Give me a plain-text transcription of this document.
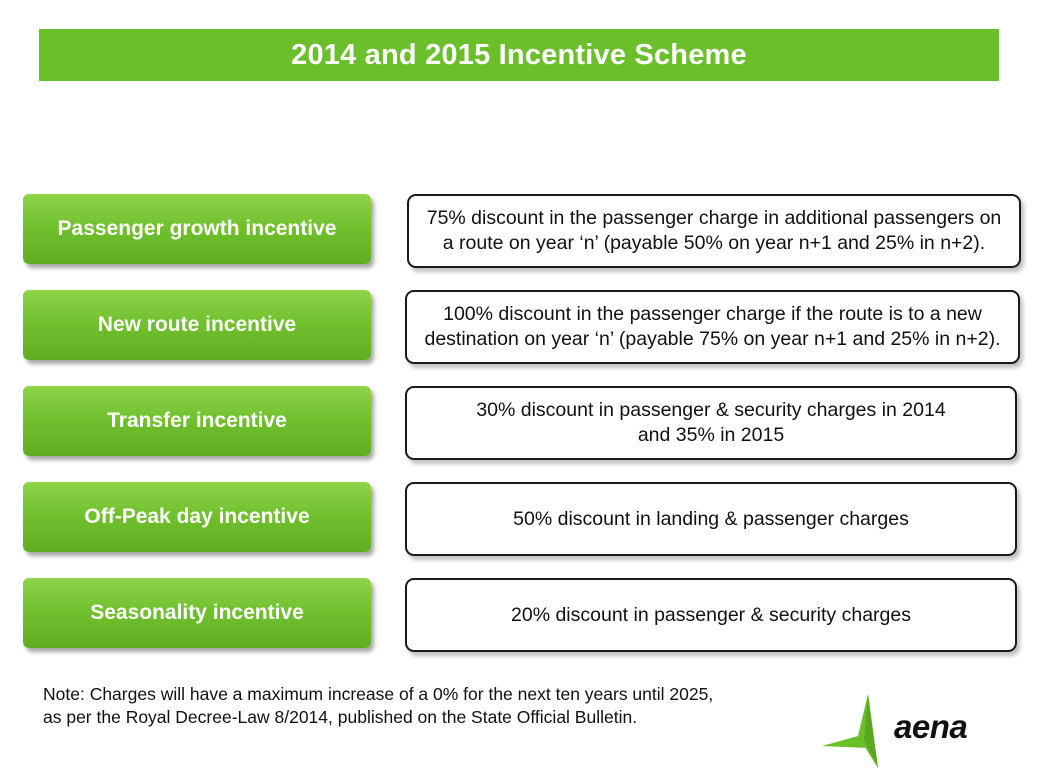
2014 and 2015 Incentive Scheme
Passenger growth incentive	75% discount in the passenger charge in additional passengers on
a route on year ‘n’ (payable 50% on year n+1 and 25% in n+2).
New route incentive	100% discount in the passenger charge if the route is to a new
destination on year ‘n’ (payable 75% on year n+1 and 25% in n+2).
Transfer incentive	30% discount in passenger & security charges in 2014
and 35% in 2015
Off-Peak day incentive	50% discount in landing & passenger charges
Seasonality incentive	20% discount in passenger & security charges
Note: Charges will have a maximum increase of a 0% for the next ten years until 2025,
as per the Royal Decree-Law 8/2014, published on the State Official Bulletin.	aena
